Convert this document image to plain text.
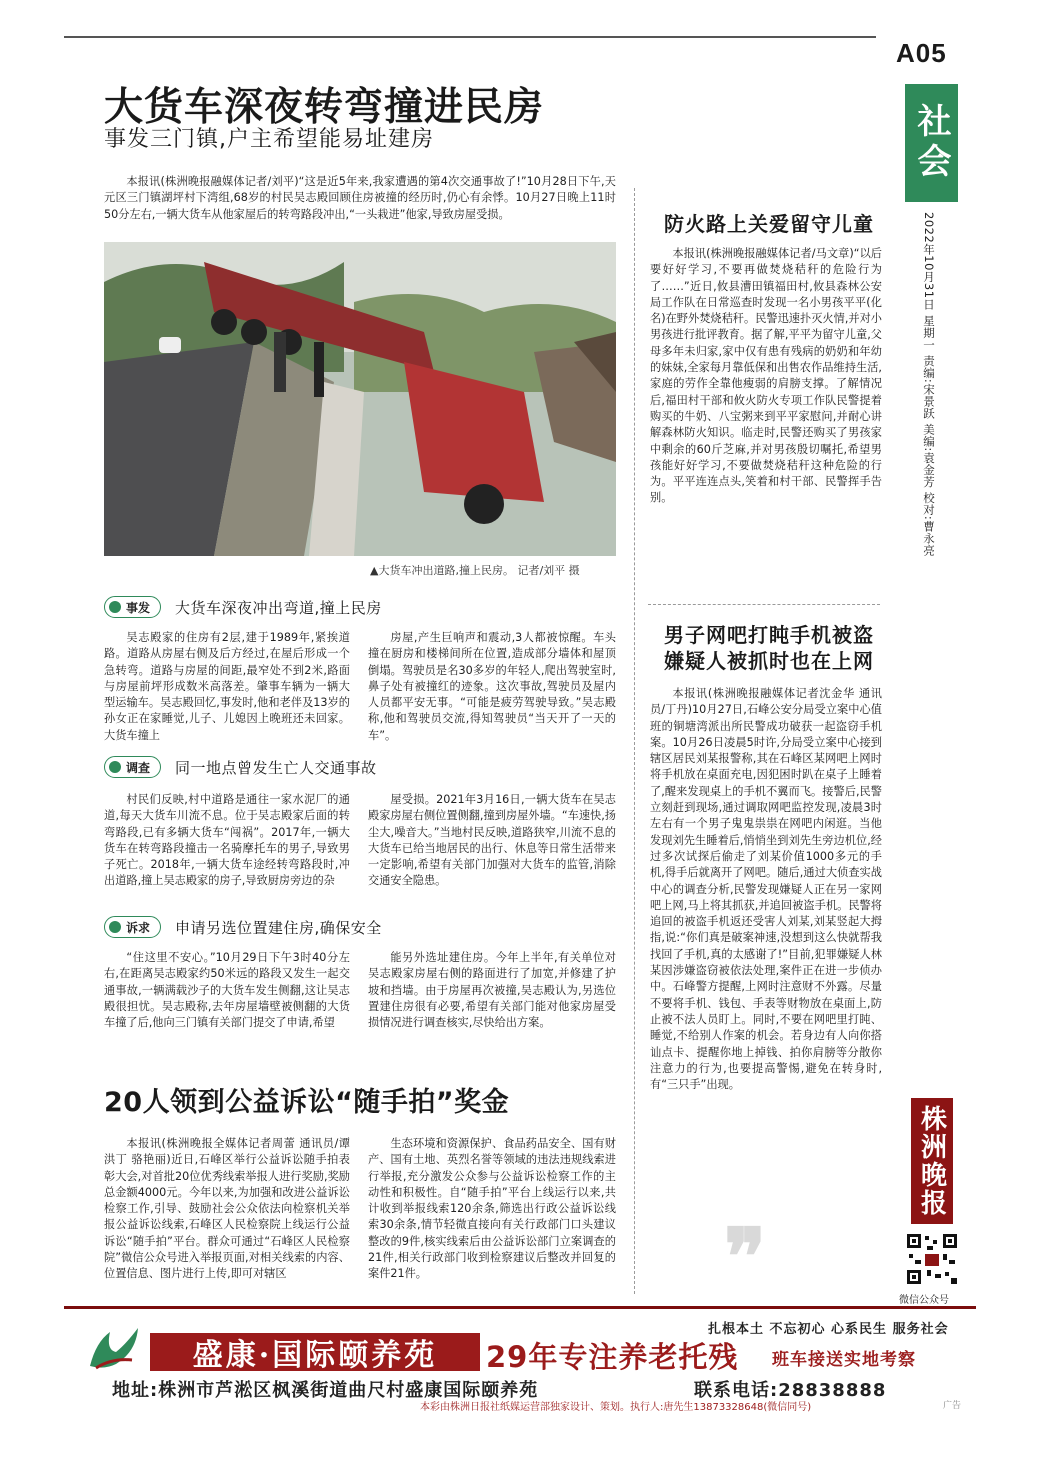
A05
社会
2022年10月31日 星期一 责编:宋景跃 美编:袁金芳 校对:曹永亮
大货车深夜转弯撞进民房
事发三门镇,户主希望能易址建房

本报讯(株洲晚报融媒体记者/刘平)“这是近5年来,我家遭遇的第4次交通事故了!”10月28日下午,天元区三门镇湖坪村下湾组,68岁的村民吴志殿回顾住房被撞的经历时,仍心有余悸。10月27日晚上11时50分左右,一辆大货车从他家屋后的转弯路段冲出,“一头栽进”他家,导致房屋受损。

▲大货车冲出道路,撞上民房。 记者/刘平 摄
事发 大货车深夜冲出弯道,撞上民房

吴志殿家的住房有2层,建于1989年,紧挨道路。道路从房屋右侧及后方经过,在屋后形成一个急转弯。道路与房屋的间距,最窄处不到2米,路面与房屋前坪形成数米高落差。肇事车辆为一辆大型运输车。吴志殿回忆,事发时,他和老伴及13岁的孙女正在家睡觉,儿子、儿媳因上晚班还未回家。大货车撞上

房屋,产生巨响声和震动,3人都被惊醒。车头撞在厨房和楼梯间所在位置,造成部分墙体和屋顶倒塌。驾驶员是名30多岁的年轻人,爬出驾驶室时,鼻子处有被撞红的迹象。这次事故,驾驶员及屋内人员都平安无事。“可能是疲劳驾驶导致。”吴志殿称,他和驾驶员交流,得知驾驶员“当天开了一天的车”。

调查 同一地点曾发生亡人交通事故

村民们反映,村中道路是通往一家水泥厂的通道,每天大货车川流不息。位于吴志殿家后面的转弯路段,已有多辆大货车“闯祸”。2017年,一辆大货车在转弯路段撞击一名骑摩托车的男子,导致男子死亡。2018年,一辆大货车途经转弯路段时,冲出道路,撞上吴志殿家的房子,导致厨房旁边的杂

屋受损。2021年3月16日,一辆大货车在吴志殿家房屋右侧位置侧翻,撞到房屋外墙。“车速快,扬尘大,噪音大。”当地村民反映,道路狭窄,川流不息的大货车已给当地居民的出行、休息等日常生活带来一定影响,希望有关部门加强对大货车的监管,消除交通安全隐患。

诉求 申请另选位置建住房,确保安全

“住这里不安心。”10月29日下午3时40分左右,在距离吴志殿家约50米远的路段又发生一起交通事故,一辆满载沙子的大货车发生侧翻,这让吴志殿很担忧。吴志殿称,去年房屋墙壁被侧翻的大货车撞了后,他向三门镇有关部门提交了申请,希望

能另外选址建住房。今年上半年,有关单位对吴志殿家房屋右侧的路面进行了加宽,并修建了护坡和挡墙。由于房屋再次被撞,吴志殿认为,另选位置建住房很有必要,希望有关部门能对他家房屋受损情况进行调查核实,尽快给出方案。

20人领到公益诉讼“随手拍”奖金

本报讯(株洲晚报全媒体记者周蕾 通讯员/谭洪丁 骆艳丽)近日,石峰区举行公益诉讼随手拍表彰大会,对首批20位优秀线索举报人进行奖励,奖励总金额4000元。今年以来,为加强和改进公益诉讼检察工作,引导、鼓励社会公众依法向检察机关举报公益诉讼线索,石峰区人民检察院上线运行公益诉讼“随手拍”平台。群众可通过“石峰区人民检察院”微信公众号进入举报页面,对相关线索的内容、位置信息、图片进行上传,即可对辖区

生态环境和资源保护、食品药品安全、国有财产、国有土地、英烈名誉等领域的违法违规线索进行举报,充分激发公众参与公益诉讼检察工作的主动性和积极性。自“随手拍”平台上线运行以来,共计收到举报线索120余条,筛选出行政公益诉讼线索30余条,情节轻微直接向有关行政部门口头建议整改的9件,核实线索后由公益诉讼部门立案调查的21件,相关行政部门收到检察建议后整改并回复的案件21件。

防火路上关爱留守儿童

本报讯(株洲晚报融媒体记者/马文章)“以后要好好学习,不要再做焚烧秸秆的危险行为了……”近日,攸县漕田镇福田村,攸县森林公安局工作队在日常巡查时发现一名小男孩平平(化名)在野外焚烧秸秆。民警迅速扑灭火情,并对小男孩进行批评教育。据了解,平平为留守儿童,父母多年未归家,家中仅有患有残病的奶奶和年幼的妹妹,全家每月靠低保和出售农作品维持生活,家庭的劳作全靠他瘦弱的肩膀支撑。了解情况后,福田村干部和攸火防火专项工作队民警提着购买的牛奶、八宝粥来到平平家慰问,并耐心讲解森林防火知识。临走时,民警还购买了男孩家中剩余的60斤芝麻,并对男孩殷切嘱托,希望男孩能好好学习,不要做焚烧秸秆这种危险的行为。平平连连点头,笑着和村干部、民警挥手告别。

男子网吧打盹手机被盗 嫌疑人被抓时也在上网

本报讯(株洲晚报融媒体记者沈金华 通讯员/丁丹)10月27日,石峰公安分局受立案中心值班的铜塘湾派出所民警成功破获一起盗窃手机案。10月26日凌晨5时许,分局受立案中心接到辖区居民刘某报警称,其在石峰区某网吧上网时将手机放在桌面充电,因犯困时趴在桌子上睡着了,醒来发现桌上的手机不翼而飞。接警后,民警立刻赶到现场,通过调取网吧监控发现,凌晨3时左右有一个男子鬼鬼祟祟在网吧内闲逛。当他发现刘先生睡着后,悄悄坐到刘先生旁边机位,经过多次试探后偷走了刘某价值1000多元的手机,得手后就离开了网吧。随后,通过大侦查实战中心的调查分析,民警发现嫌疑人正在另一家网吧上网,马上将其抓获,并追回被盗手机。民警将追回的被盗手机返还受害人刘某,刘某竖起大拇指,说:“你们真是破案神速,没想到这么快就帮我找回了手机,真的太感谢了!”目前,犯罪嫌疑人林某因涉嫌盗窃被依法处理,案件正在进一步侦办中。石峰警方提醒,上网时注意财不外露。尽量不要将手机、钱包、手表等财物放在桌面上,防止被不法人员盯上。同时,不要在网吧里打盹、睡觉,不给别人作案的机会。若身边有人向你搭讪点卡、提醒你地上掉钱、拍你肩膀等分散你注意力的行为,也要提高警惕,避免在转身时,有“三只手”出现。

❞
株洲晚报
微信公众号
扎根本土 不忘初心 心系民生 服务社会
盛康·国际颐养苑	29年专注养老托残 班车接送实地考察
地址:株洲市芦淞区枫溪街道曲尺村盛康国际颐养苑	联系电话:28838888
本彩由株洲日报社纸媒运营部独家设计、策划。执行人:唐先生13873328648(微信同号)	广告
